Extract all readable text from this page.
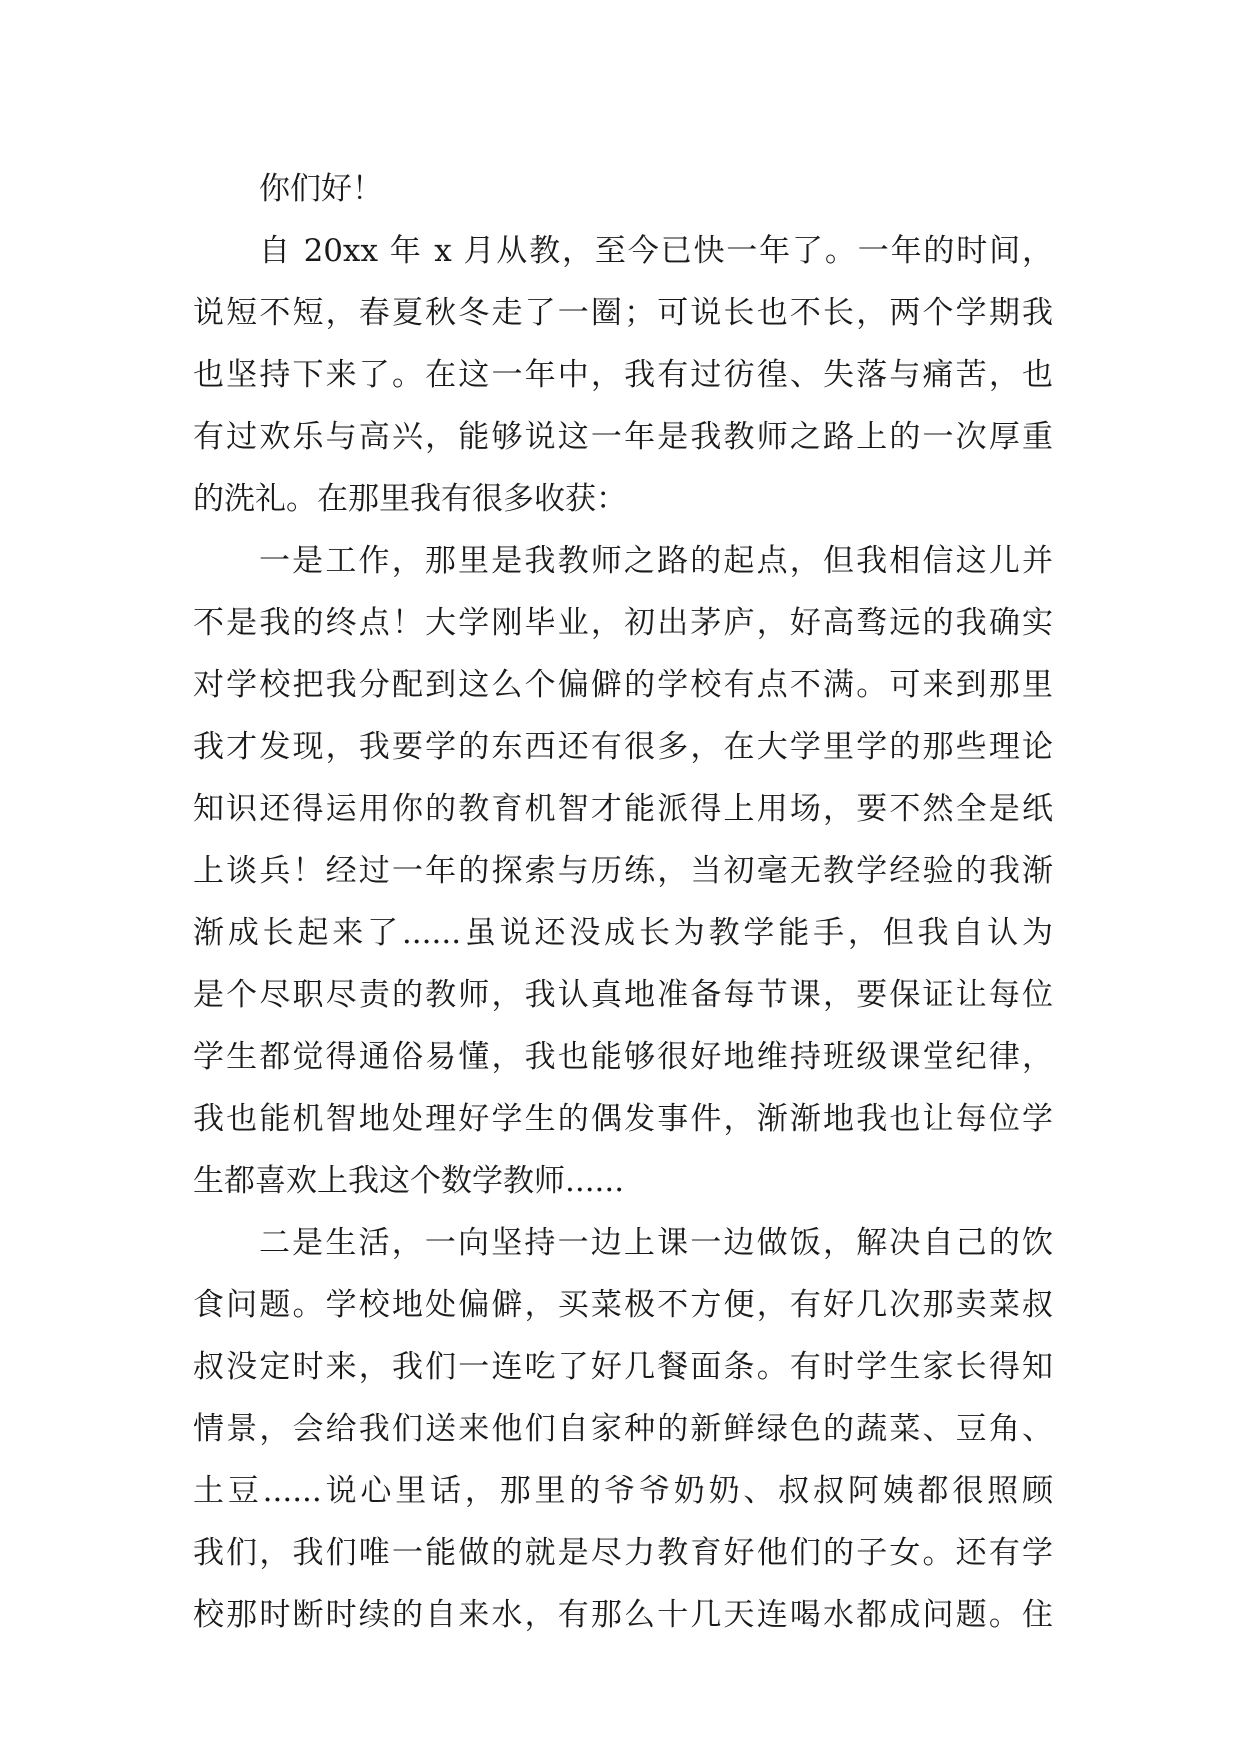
你们好！
自 20xx 年 x 月从教，至今已快一年了。一年的时间，
说短不短，春夏秋冬走了一圈；可说长也不长，两个学期我
也坚持下来了。在这一年中，我有过彷徨、失落与痛苦，也
有过欢乐与高兴，能够说这一年是我教师之路上的一次厚重
的洗礼。在那里我有很多收获：
一是工作，那里是我教师之路的起点，但我相信这儿并
不是我的终点！大学刚毕业，初出茅庐，好高骛远的我确实
对学校把我分配到这么个偏僻的学校有点不满。可来到那里
我才发现，我要学的东西还有很多，在大学里学的那些理论
知识还得运用你的教育机智才能派得上用场，要不然全是纸
上谈兵！经过一年的探索与历练，当初毫无教学经验的我渐
渐成长起来了......虽说还没成长为教学能手，但我自认为
是个尽职尽责的教师，我认真地准备每节课，要保证让每位
学生都觉得通俗易懂，我也能够很好地维持班级课堂纪律，
我也能机智地处理好学生的偶发事件，渐渐地我也让每位学
生都喜欢上我这个数学教师......
二是生活，一向坚持一边上课一边做饭，解决自己的饮
食问题。学校地处偏僻，买菜极不方便，有好几次那卖菜叔
叔没定时来，我们一连吃了好几餐面条。有时学生家长得知
情景，会给我们送来他们自家种的新鲜绿色的蔬菜、豆角、
土豆......说心里话，那里的爷爷奶奶、叔叔阿姨都很照顾
我们，我们唯一能做的就是尽力教育好他们的子女。还有学
校那时断时续的自来水，有那么十几天连喝水都成问题。住
